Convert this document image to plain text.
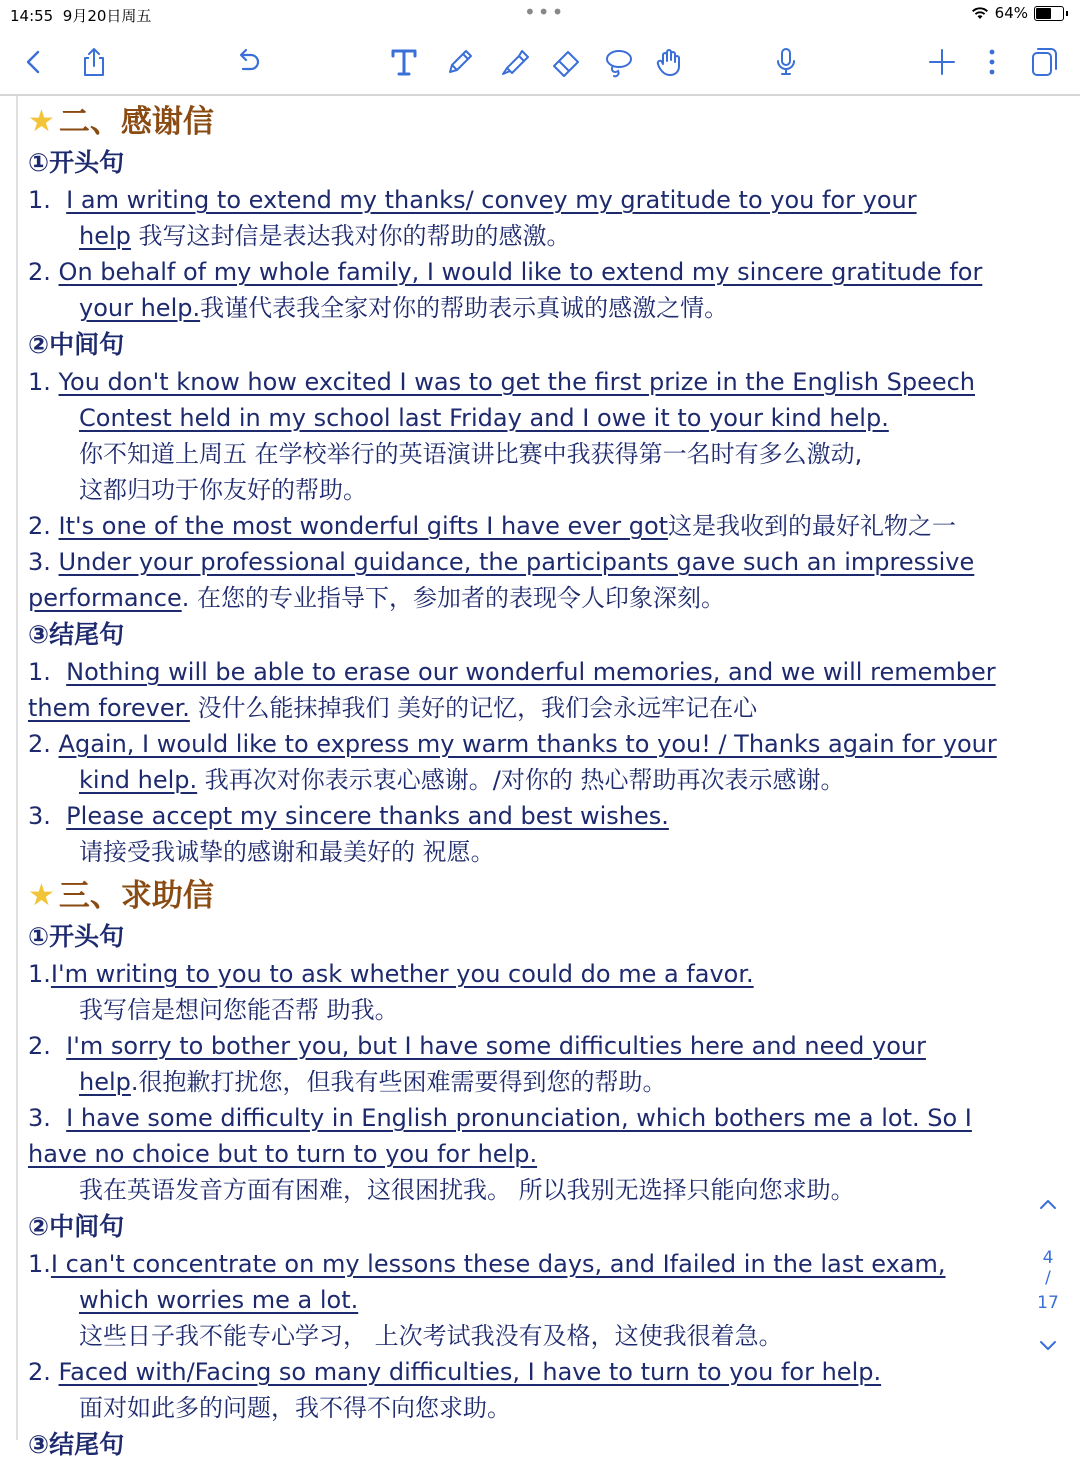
14:55 9月20日周五	•••	64%
★ 二、感谢信
①开头句
1. I am writing to extend my thanks/ convey my gratitude to you for your
help 我写这封信是表达我对你的帮助的感激。
2. On behalf of my whole family, I would like to extend my sincere gratitude for
your help.我谨代表我全家对你的帮助表示真诚的感激之情。
②中间句
1. You don't know how excited I was to get the first prize in the English Speech
Contest held in my school last Friday and I owe it to your kind help.
你不知道上周五 在学校举行的英语演讲比赛中我获得第一名时有多么激动,
这都归功于你友好的帮助。
2. It's one of the most wonderful gifts I have ever got这是我收到的最好礼物之一
3. Under your professional guidance, the participants gave such an impressive
performance. 在您的专业指导下，参加者的表现令人印象深刻。
③结尾句
1. Nothing will be able to erase our wonderful memories, and we will remember
them forever. 没什么能抹掉我们 美好的记忆，我们会永远牢记在心
2. Again, I would like to express my warm thanks to you! / Thanks again for your
kind help. 我再次对你表示衷心感谢。/对你的 热心帮助再次表示感谢。
3. Please accept my sincere thanks and best wishes.
请接受我诚挚的感谢和最美好的 祝愿。
★ 三、求助信
①开头句
1.I'm writing to you to ask whether you could do me a favor.
我写信是想问您能否帮 助我。
2. I'm sorry to bother you, but I have some difficulties here and need your
help.很抱歉打扰您，但我有些困难需要得到您的帮助。
3. I have some difficulty in English pronunciation, which bothers me a lot. So I
have no choice but to turn to you for help.
我在英语发音方面有困难，这很困扰我。 所以我别无选择只能向您求助。
②中间句
1.I can't concentrate on my lessons these days, and Ifailed in the last exam,
which worries me a lot.
这些日子我不能专心学习， 上次考试我没有及格，这使我很着急。
2. Faced with/Facing so many difficulties, I have to turn to you for help.
面对如此多的问题，我不得不向您求助。
③结尾句
4
/
17
